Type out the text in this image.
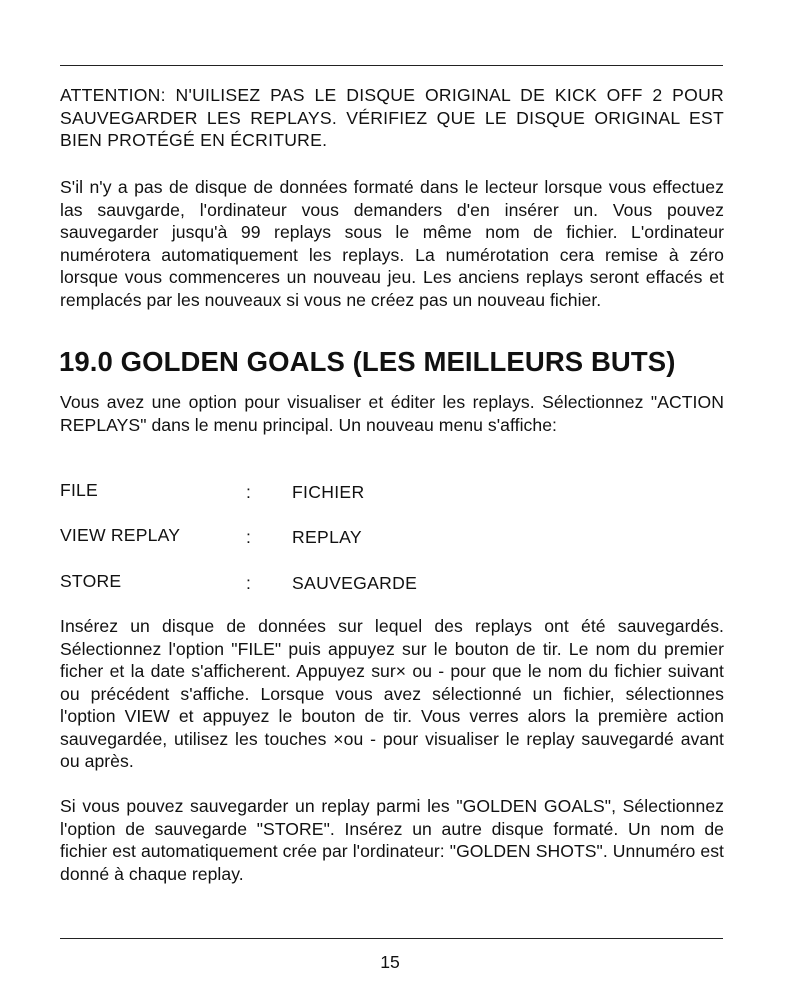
ATTENTION: N'UILISEZ PAS LE DISQUE ORIGINAL DE KICK OFF 2 POUR SAUVEGARDER LES REPLAYS. VÉRIFIEZ QUE LE DISQUE ORIGINAL EST BIEN PROTÉGÉ EN ÉCRITURE.
S'il n'y a pas de disque de données formaté dans le lecteur lorsque vous effectuez las sauvgarde, l'ordinateur vous demanders d'en insérer un. Vous pouvez sauvegarder jusqu'à 99 replays sous le même nom de fichier. L'ordinateur numérotera automatiquement les replays. La numérotation cera remise à zéro lorsque vous commenceres un nouveau jeu. Les anciens replays seront effacés et remplacés par les nouveaux si vous ne créez pas un nouveau fichier.
19.0 GOLDEN GOALS (LES MEILLEURS BUTS)
Vous avez une option pour visualiser et éditer les replays. Sélectionnez "ACTION REPLAYS" dans le menu principal. Un nouveau menu s'affiche:
FILE	: FICHIER
VIEW REPLAY	: REPLAY
STORE	: SAUVEGARDE
Insérez un disque de données sur lequel des replays ont été sauvegardés. Sélectionnez l'option "FILE" puis appuyez sur le bouton de tir. Le nom du premier ficher et la date s'afficherent. Appuyez sur× ou - pour que le nom du fichier suivant ou précédent s'affiche. Lorsque vous avez sélectionné un fichier, sélectionnes l'option VIEW et appuyez le bouton de tir. Vous verres alors la première action sauvegardée, utilisez les touches ×ou - pour visualiser le replay sauvegardé avant ou après.
Si vous pouvez sauvegarder un replay parmi les "GOLDEN GOALS", Sélectionnez l'option de sauvegarde "STORE". Insérez un autre disque formaté. Un nom de fichier est automatiquement crée par l'ordinateur: "GOLDEN SHOTS". Unnuméro est donné à chaque replay.
15
